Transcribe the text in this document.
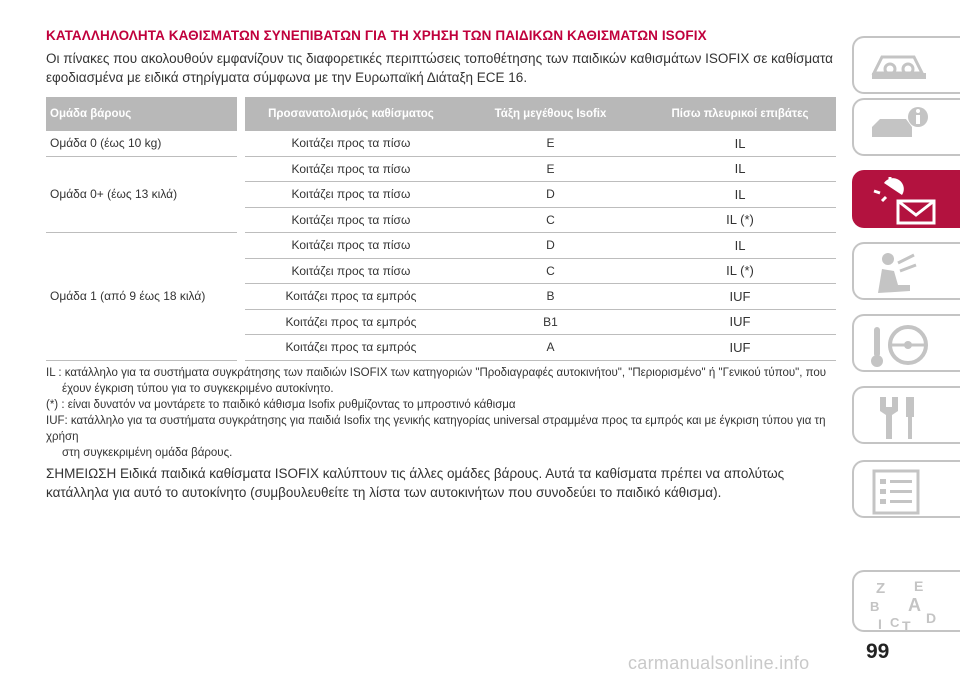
ΚΑΤΑΛΛΗΛΟΛΗΤΑ ΚΑΘΙΣΜΑΤΩΝ ΣΥΝΕΠΙΒΑΤΩΝ ΓΙΑ ΤΗ ΧΡΗΣΗ ΤΩΝ ΠΑΙΔΙΚΩΝ ΚΑΘΙΣΜΑΤΩΝ ISOFIX
Οι πίνακες που ακολουθούν εμφανίζουν τις διαφορετικές περιπτώσεις τοποθέτησης των παιδικών καθισμάτων ISOFIX σε καθίσματα εφοδιασμένα με ειδικά στηρίγματα σύμφωνα με την Ευρωπαϊκή Διάταξη ECE 16.
Ομάδα βάρους		Προσανατολισμός καθίσματος	Τάξη μεγέθους Isofix	Πίσω πλευρικοί επιβάτες
Ομάδα 0 (έως 10 kg)		Κοιτάζει προς τα πίσω	E	IL
Ομάδα 0+ (έως 13 κιλά)		Κοιτάζει προς τα πίσω	E	IL
		Κοιτάζει προς τα πίσω	D	IL
		Κοιτάζει προς τα πίσω	C	IL (*)
Ομάδα 1 (από 9 έως 18 κιλά)		Κοιτάζει προς τα πίσω	D	IL
		Κοιτάζει προς τα πίσω	C	IL (*)
		Κοιτάζει προς τα εμπρός	B	IUF
		Κοιτάζει προς τα εμπρός	B1	IUF
		Κοιτάζει προς τα εμπρός	A	IUF

IL : κατάλληλο για τα συστήματα συγκράτησης των παιδιών ISOFIX των κατηγοριών "Προδιαγραφές αυτοκινήτου", "Περιορισμένο'' ή "Γενικού τύπου", που

έχουν έγκριση τύπου για το συγκεκριμένο αυτοκίνητο.

(*) : είναι δυνατόν να μοντάρετε το παιδικό κάθισμα Isofix ρυθμίζοντας το μπροστινό κάθισμα

IUF: κατάλληλο για τα συστήματα συγκράτησης για παιδιά Isofix της γενικής κατηγορίας universal στραμμένα προς τα εμπρός και με έγκριση τύπου για τη χρήση

στη συγκεκριμένη ομάδα βάρους.

ΣΗΜΕΙΩΣΗ Ειδικά παιδικά καθίσματα ISOFIX καλύπτουν τις άλλες ομάδες βάρους. Αυτά τα καθίσματα πρέπει να απολύτως κατάλληλα για αυτό το αυτοκίνητο (συμβουλευθείτε τη λίστα των αυτοκινήτων που συνοδεύει το παιδικό κάθισμα).
Z E
B A
I C T D
99
carmanualsonline.info
